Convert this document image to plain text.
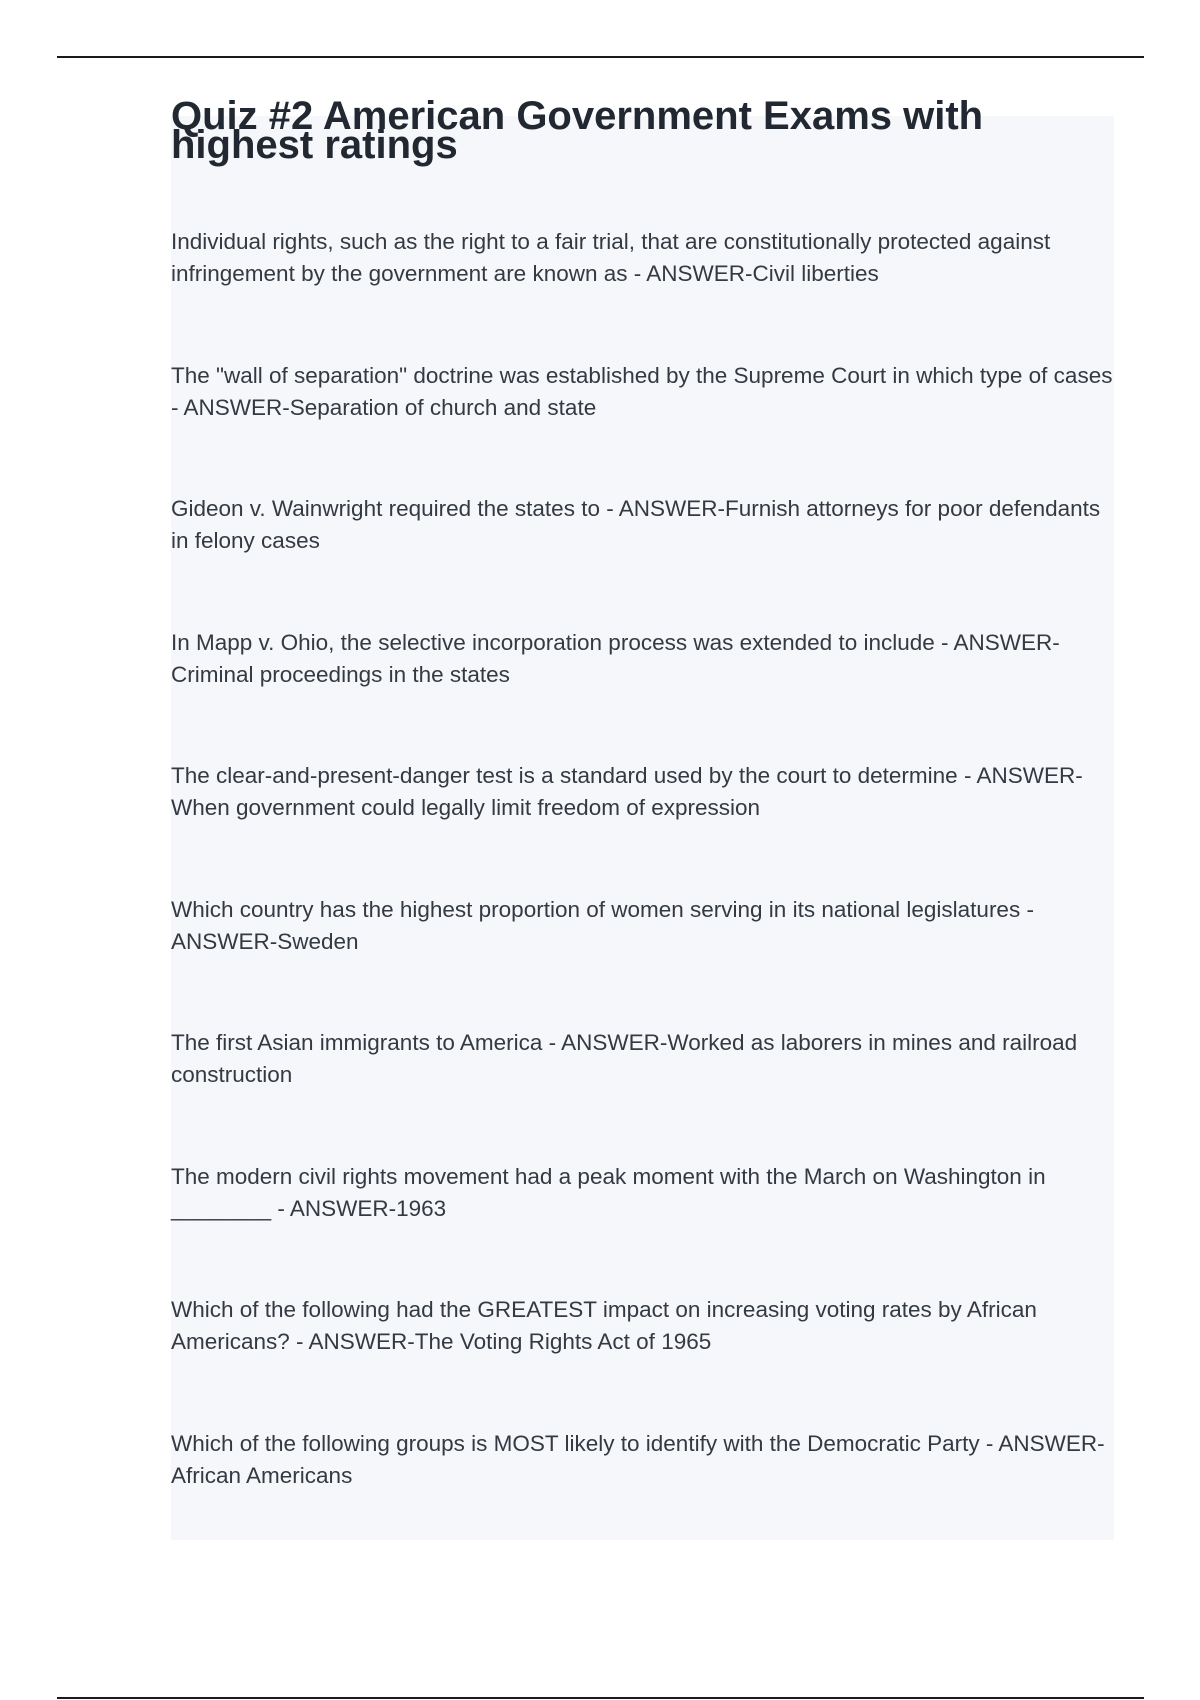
Quiz #2 American Government Exams with highest ratings

Individual rights, such as the right to a fair trial, that are constitutionally protected against infringement by the government are known as - ANSWER-Civil liberties

The "wall of separation" doctrine was established by the Supreme Court in which type of cases - ANSWER-Separation of church and state

Gideon v. Wainwright required the states to - ANSWER-Furnish attorneys for poor defendants in felony cases

In Mapp v. Ohio, the selective incorporation process was extended to include - ANSWER-Criminal proceedings in the states

The clear-and-present-danger test is a standard used by the court to determine - ANSWER-When government could legally limit freedom of expression

Which country has the highest proportion of women serving in its national legislatures - ANSWER-Sweden

The first Asian immigrants to America - ANSWER-Worked as laborers in mines and railroad construction

The modern civil rights movement had a peak moment with the March on Washington in ________ - ANSWER-1963

Which of the following had the GREATEST impact on increasing voting rates by African Americans? - ANSWER-The Voting Rights Act of 1965

Which of the following groups is MOST likely to identify with the Democratic Party - ANSWER-African Americans
